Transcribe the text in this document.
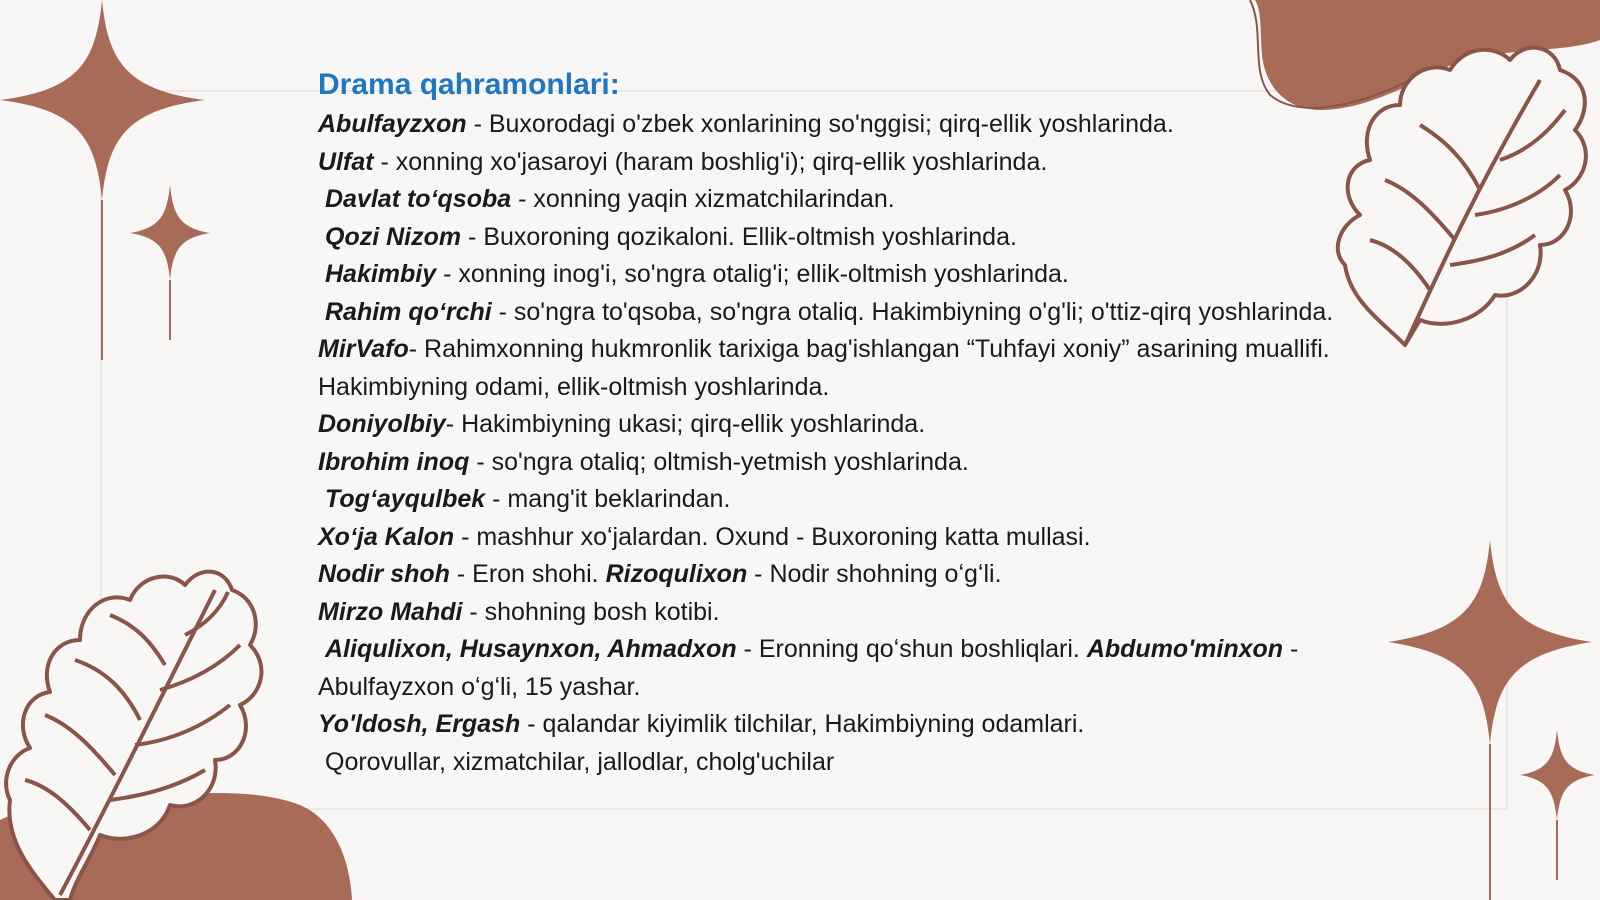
Drama qahramonlari:

Abulfayzxon - Buxorodagi o'zbek xonlarining so'nggisi; qirq-ellik yoshlarinda.

Ulfat - xonning xo'jasaroyi (haram boshlig'i); qirq-ellik yoshlarinda.

Davlat toʻqsoba - xonning yaqin xizmatchilarindan.

Qozi Nizom - Buxoroning qozikaloni. Ellik-oltmish yoshlarinda.

Hakimbiy - xonning inog'i, so'ngra otalig'i; ellik-oltmish yoshlarinda.

Rahim qoʻrchi - so'ngra to'qsoba, so'ngra otaliq. Hakimbiyning o'g'li; o'ttiz-qirq yoshlarinda.

MirVafo- Rahimxonning hukmronlik tarixiga bag'ishlangan “Tuhfayi xoniy” asarining muallifi. Hakimbiyning odami, ellik-oltmish yoshlarinda.

Doniyolbiy- Hakimbiyning ukasi; qirq-ellik yoshlarinda.

Ibrohim inoq - so'ngra otaliq; oltmish-yetmish yoshlarinda.

Togʻayqulbek - mang'it beklarindan.

Xoʻja Kalon - mashhur xoʻjalardan. Oxund - Buxoroning katta mullasi.

Nodir shoh - Eron shohi. Rizoqulixon - Nodir shohning oʻgʻli.

Mirzo Mahdi - shohning bosh kotibi.

Aliqulixon, Husaynxon, Ahmadxon - Eronning qoʻshun boshliqlari. Abdumo'minxon - Abulfayzxon oʻgʻli, 15 yashar.

Yo'ldosh, Ergash - qalandar kiyimlik tilchilar, Hakimbiyning odamlari.

Qorovullar, xizmatchilar, jallodlar, cholg'uchilar
